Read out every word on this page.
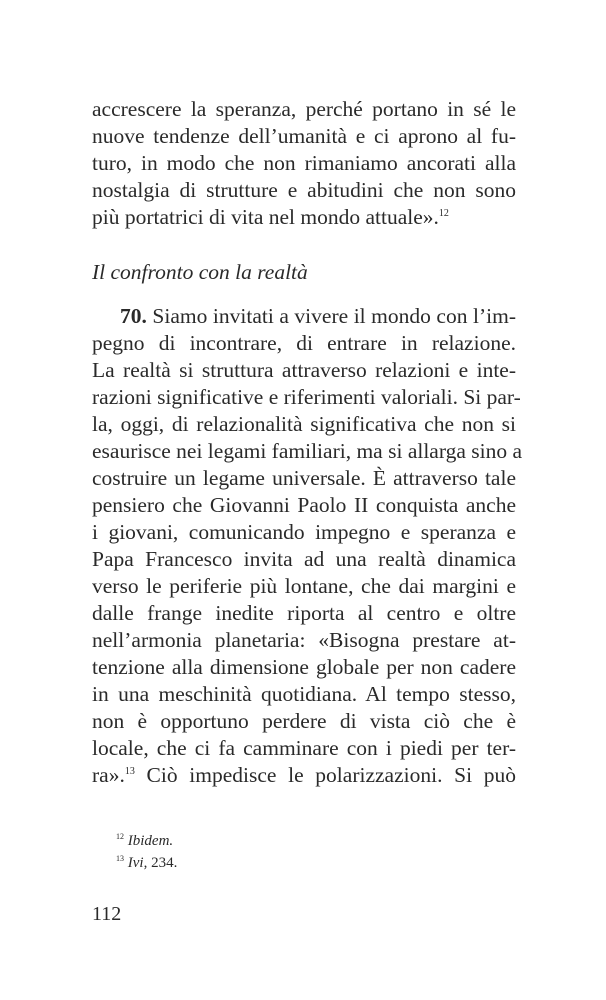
accrescere la speranza, perché portano in sé le
nuove tendenze dell’umanità e ci aprono al fu-
turo, in modo che non rimaniamo ancorati alla
nostalgia di strutture e abitudini che non sono
più portatrici di vita nel mondo attuale».$^{12}$
Il confronto con la realtà
70. Siamo invitati a vivere il mondo con l’im-
pegno di incontrare, di entrare in relazione.
La realtà si struttura attraverso relazioni e inte-
razioni significative e riferimenti valoriali. Si par-
la, oggi, di relazionalità significativa che non si
esaurisce nei legami familiari, ma si allarga sino a
costruire un legame universale. È attraverso tale
pensiero che Giovanni Paolo II conquista anche
i giovani, comunicando impegno e speranza e
Papa Francesco invita ad una realtà dinamica
verso le periferie più lontane, che dai margini e
dalle frange inedite riporta al centro e oltre
nell’armonia planetaria: «Bisogna prestare at-
tenzione alla dimensione globale per non cadere
in una meschinità quotidiana. Al tempo stesso,
non è opportuno perdere di vista ciò che è
locale, che ci fa camminare con i piedi per ter-
ra».$^{13}$ Ciò impedisce le polarizzazioni. Si può
$^{12}$ Ibidem.
$^{13}$ Ivi, 234.
112
